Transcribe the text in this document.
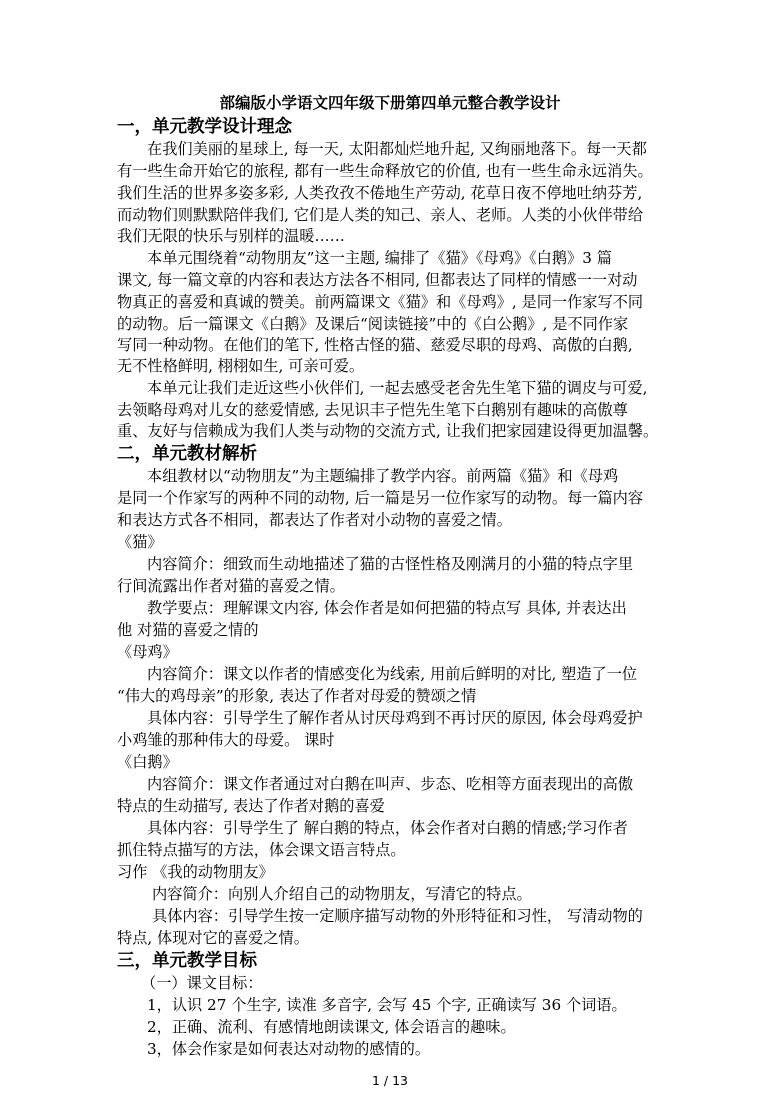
部编版小学语文四年级下册第四单元整合教学设计
一，单元教学设计理念
在我们美丽的星球上, 每一天, 太阳都灿烂地升起, 又绚丽地落下。每一天都
有一些生命开始它的旅程, 都有一些生命释放它的价值, 也有一些生命永远消失。
我们生活的世界多姿多彩, 人类孜孜不倦地生产劳动, 花草日夜不停地吐纳芬芳,
而动物们则默默陪伴我们, 它们是人类的知己、亲人、老师。人类的小伙伴带给
我们无限的快乐与别样的温暖……
本单元围绕着“动物朋友”这一主题, 编排了《猫》《母鸡》《白鹅》3 篇
课文, 每一篇文章的内容和表达方法各不相同, 但都表达了同样的情感一一对动
物真正的喜爱和真诚的赞美。前两篇课文《猫》和《母鸡》, 是同一作家写不同
的动物。后一篇课文《白鹅》及课后“阅读链接”中的《白公鹅》, 是不同作家
写同一种动物。在他们的笔下, 性格古怪的猫、慈爱尽职的母鸡、高傲的白鹅,
无不性格鲜明, 栩栩如生, 可亲可爱。
本单元让我们走近这些小伙伴们, 一起去感受老舍先生笔下猫的调皮与可爱,
去领略母鸡对儿女的慈爱情感, 去见识丰子恺先生笔下白鹅别有趣味的高傲尊
重、友好与信赖成为我们人类与动物的交流方式, 让我们把家园建设得更加温馨。
二，单元教材解析
本组教材以“动物朋友”为主题编排了教学内容。前两篇《猫》和《母鸡
是同一个作家写的两种不同的动物, 后一篇是另一位作家写的动物。每一篇内容
和表达方式各不相同，都表达了作者对小动物的喜爱之情。
《猫》
内容简介：细致而生动地描述了猫的古怪性格及刚满月的小猫的特点字里
行间流露出作者对猫的喜爱之情。
教学要点：理解课文内容, 体会作者是如何把猫的特点写 具体, 并表达出
他 对猫的喜爱之情的
《母鸡》
内容简介：课文以作者的情感变化为线索, 用前后鲜明的对比, 塑造了一位
“伟大的鸡母亲”的形象, 表达了作者对母爱的赞颂之情
具体内容：引导学生了解作者从讨厌母鸡到不再讨厌的原因, 体会母鸡爱护
小鸡雏的那种伟大的母爱。 课时
《白鹅》
内容简介：课文作者通过对白鹅在叫声、步态、吃相等方面表现出的高傲
特点的生动描写, 表达了作者对鹅的喜爱
具体内容：引导学生了 解白鹅的特点，体会作者对白鹅的情感;学习作者
抓住特点描写的方法，体会课文语言特点。
习作 《我的动物朋友》
内容简介：向别人介绍自己的动物朋友，写清它的特点。
具体内容：引导学生按一定顺序描写动物的外形特征和习性， 写清动物的
特点, 体现对它的喜爱之情。
三，单元教学目标
（一）课文目标：
1，认识 27 个生字, 读准 多音字, 会写 45 个字, 正确读写 36 个词语。
2，正确、流利、有感情地朗读课文, 体会语言的趣味。
3，体会作家是如何表达对动物的感情的。
1 / 13
